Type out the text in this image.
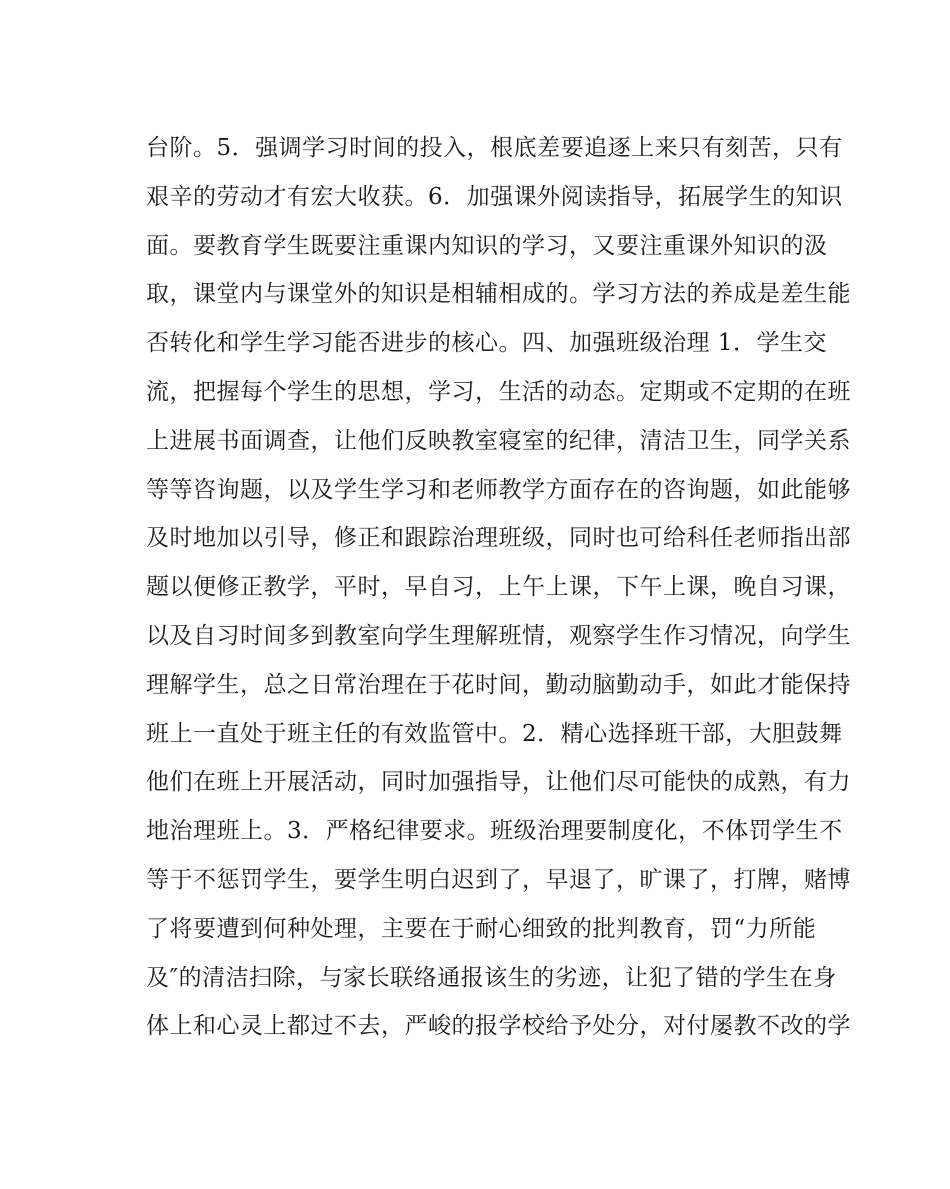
台阶。5．强调学习时间的投入，根底差要追逐上来只有刻苦，只有
艰辛的劳动才有宏大收获。6．加强课外阅读指导，拓展学生的知识
面。要教育学生既要注重课内知识的学习，又要注重课外知识的汲
取，课堂内与课堂外的知识是相辅相成的。学习方法的养成是差生能
否转化和学生学习能否进步的核心。四、加强班级治理 1．学生交
流，把握每个学生的思想，学习，生活的动态。定期或不定期的在班
上进展书面调查，让他们反映教室寝室的纪律，清洁卫生，同学关系
等等咨询题，以及学生学习和老师教学方面存在的咨询题，如此能够
及时地加以引导，修正和跟踪治理班级，同时也可给科任老师指出部
题以便修正教学，平时，早自习，上午上课，下午上课，晚自习课，
以及自习时间多到教室向学生理解班情，观察学生作习情况，向学生
理解学生，总之日常治理在于花时间，勤动脑勤动手，如此才能保持
班上一直处于班主任的有效监管中。2．精心选择班干部，大胆鼓舞
他们在班上开展活动，同时加强指导，让他们尽可能快的成熟，有力
地治理班上。3．严格纪律要求。班级治理要制度化，不体罚学生不
等于不惩罚学生，要学生明白迟到了，早退了，旷课了，打牌，赌博
了将要遭到何种处理，主要在于耐心细致的批判教育，罚“力所能
及″的清洁扫除，与家长联络通报该生的劣迹，让犯了错的学生在身
体上和心灵上都过不去，严峻的报学校给予处分，对付屡教不改的学
